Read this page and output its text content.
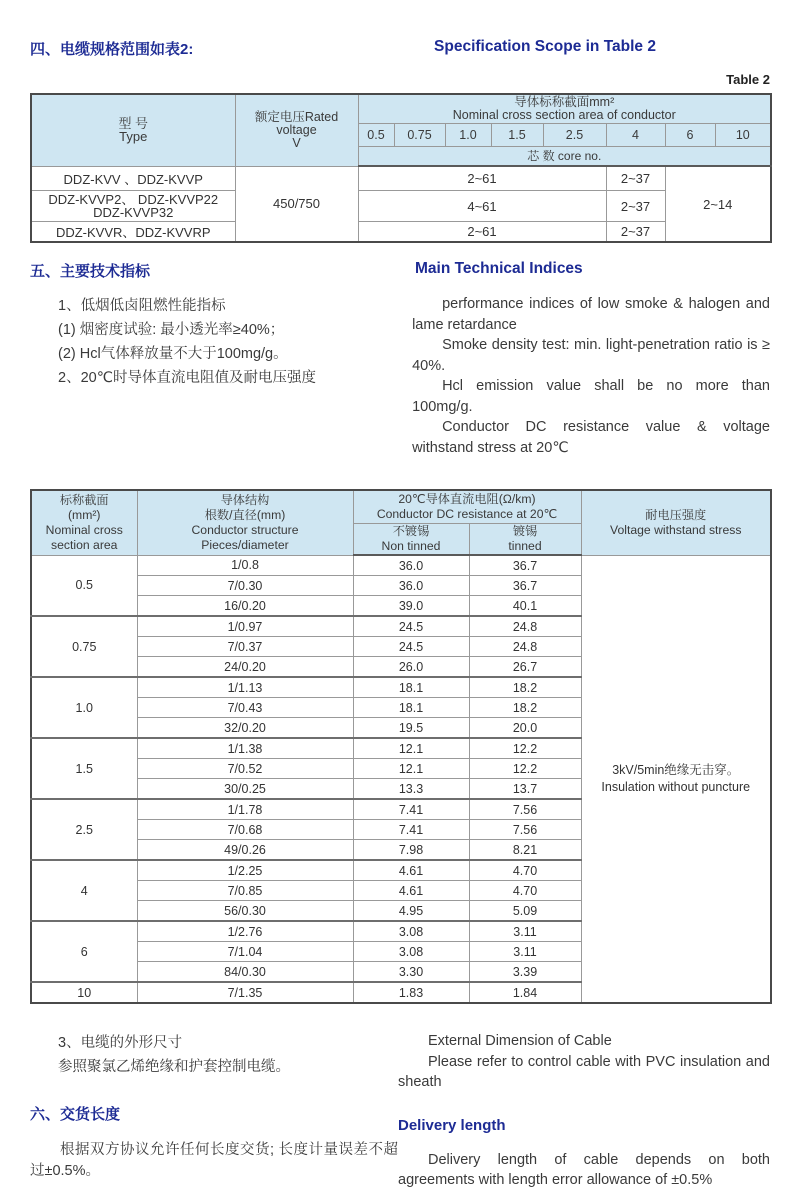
四、电缆规格范围如表2:	Specification Scope in Table 2
Table 2
型 号
Type	额定电压Rated
voltage
V	导体标称截面mm²
Nominal cross section area of conductor							

		0.5	0.75	1.0	1.5	2.5	4	6	10
		芯 数 core no.							
DDZ-KVV 、DDZ-KVVP	450/750	2~61					2~37	2~14	

DDZ-KVVP2、 DDZ-KVVP22
DDZ-KVVP32		4~61					2~37		
DDZ-KVVR、DDZ-KVVRP		2~61					2~37		
五、主要技术指标	Main Technical Indices
1、低烟低卤阻燃性能指标
(1) 烟密度试验: 最小透光率≥40%；
(2) Hcl气体释放量不大于100mg/g。
2、20℃时导体直流电阻值及耐电压强度

performance indices of low smoke & halogen and lame retardance

Smoke density test: min. light-penetration ratio is ≥ 40%.

Hcl emission value shall be no more than 100mg/g.

Conductor DC resistance value & voltage withstand stress at 20℃

标称截面
(mm²)
Nominal cross
section area	导体结构
根数/直径(mm)
Conductor structure
Pieces/diameter	20℃导体直流电阻(Ω/km)
Conductor DC resistance at 20℃		耐电压强度
Voltage withstand stress

		不镀锡
Non tinned	镀锡
tinned	

0.5	1/0.8	36.0	36.7	3kV/5min绝缘无击穿。
Insulation without puncture

	7/0.30	36.0	36.7	
	16/0.20	39.0	40.1	
0.75	1/0.97	24.5	24.8	
	7/0.37	24.5	24.8	
	24/0.20	26.0	26.7	
1.0	1/1.13	18.1	18.2	
	7/0.43	18.1	18.2	
	32/0.20	19.5	20.0	
1.5	1/1.38	12.1	12.2	
	7/0.52	12.1	12.2	
	30/0.25	13.3	13.7	
2.5	1/1.78	7.41	7.56	
	7/0.68	7.41	7.56	
	49/0.26	7.98	8.21	
4	1/2.25	4.61	4.70	
	7/0.85	4.61	4.70	
	56/0.30	4.95	5.09	
6	1/2.76	3.08	3.11	
	7/1.04	3.08	3.11	
	84/0.30	3.30	3.39	
10	7/1.35	1.83	1.84	
3、电缆的外形尺寸
参照聚氯乙烯绝缘和护套控制电缆。
六、交货长度

根据双方协议允许任何长度交货; 长度计量误差不超过±0.5%。

External Dimension of Cable

Please refer to control cable with PVC insulation and sheath

Delivery length

Delivery length of cable depends on both agreements with length error allowance of ±0.5%
